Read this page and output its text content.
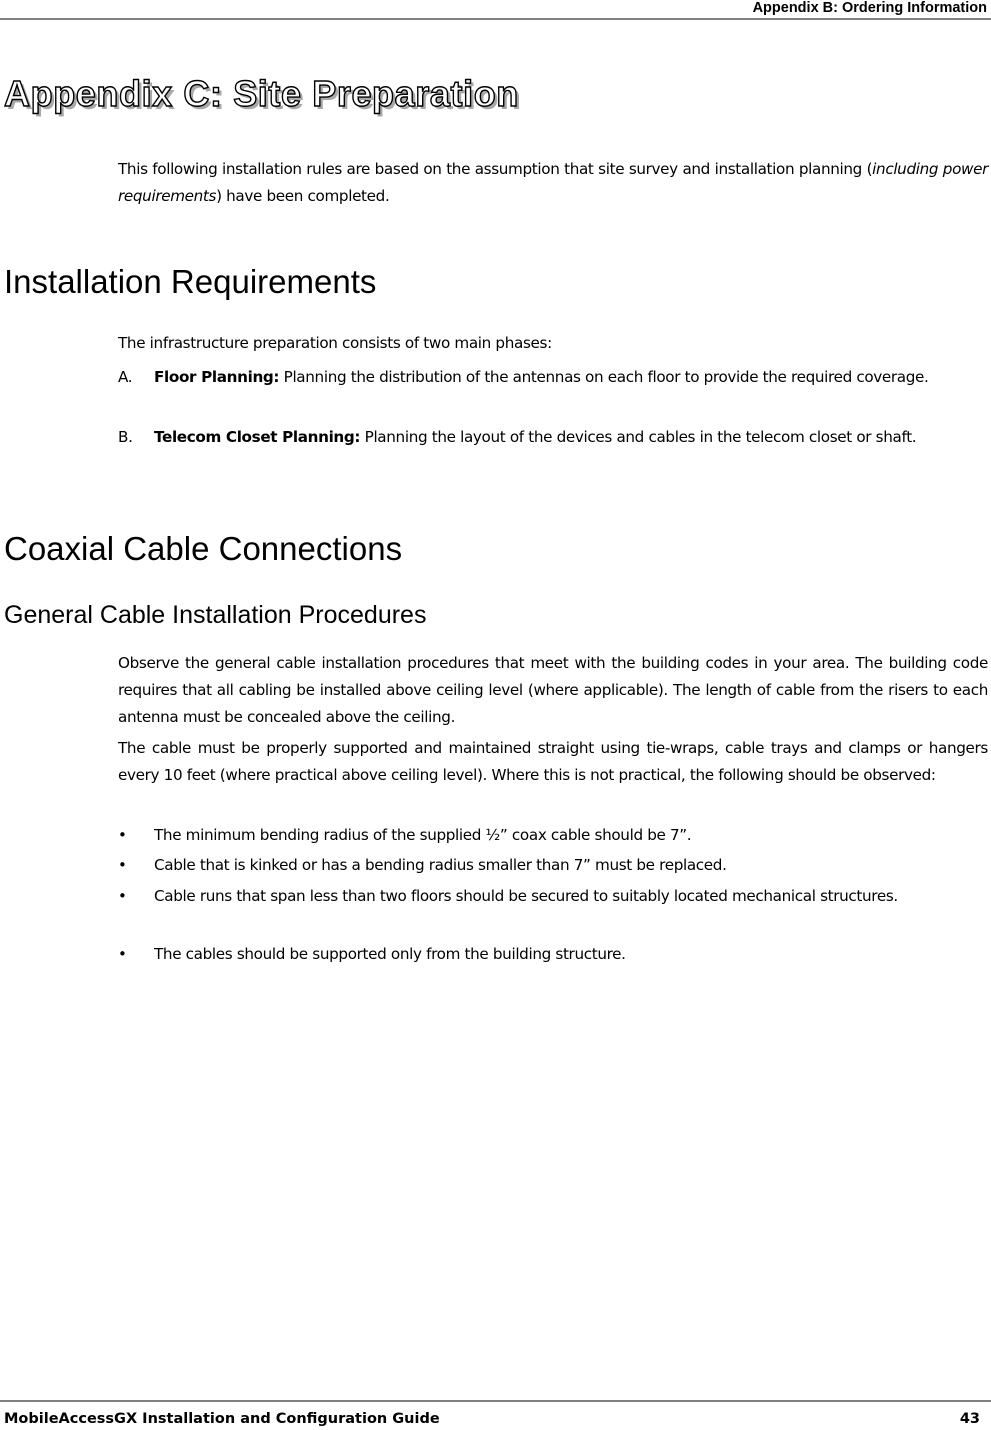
Appendix B: Ordering Information
Appendix C: Site Preparation

This following installation rules are based on the assumption that site survey and installation planning (including power requirements) have been completed.

Installation Requirements

The infrastructure preparation consists of two main phases:

A. Floor Planning: Planning the distribution of the antennas on each floor to provide the required coverage.
B. Telecom Closet Planning: Planning the layout of the devices and cables in the telecom closet or shaft.
Coaxial Cable Connections
General Cable Installation Procedures

Observe the general cable installation procedures that meet with the building codes in your area. The building code requires that all cabling be installed above ceiling level (where applicable). The length of cable from the risers to each antenna must be concealed above the ceiling.

The cable must be properly supported and maintained straight using tie-wraps, cable trays and clamps or hangers every 10 feet (where practical above ceiling level). Where this is not practical, the following should be observed:

•	The minimum bending radius of the supplied ½” coax cable should be 7”.
•	Cable that is kinked or has a bending radius smaller than 7” must be replaced.
•	Cable runs that span less than two floors should be secured to suitably located mechanical structures.
•	The cables should be supported only from the building structure.
MobileAccessGX Installation and Configuration Guide	43
